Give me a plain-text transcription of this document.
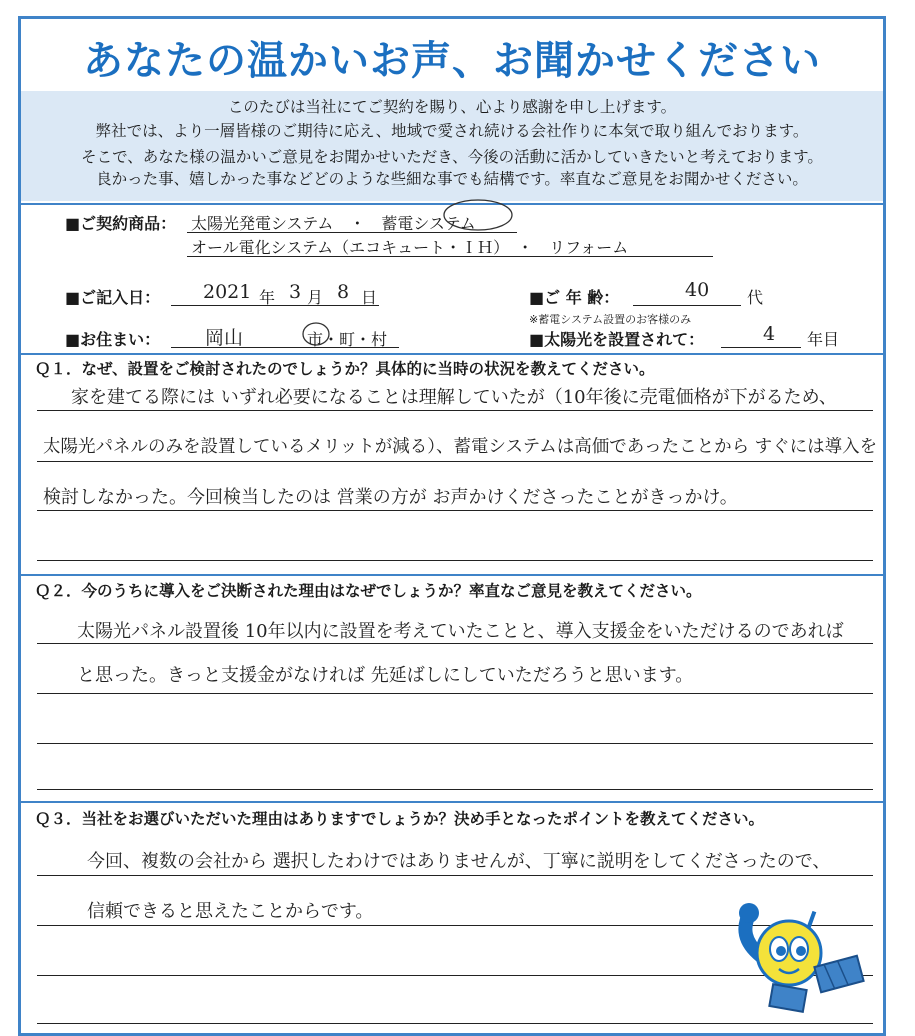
あなたの温かいお声、お聞かせください
このたびは当社にてご契約を賜り、心より感謝を申し上げます。
弊社では、より一層皆様のご期待に応え、地域で愛され続ける会社作りに本気で取り組んでおります。
そこで、あなた様の温かいご意見をお聞かせいただき、今後の活動に活かしていきたいと考えております。
良かった事、嬉しかった事などどのような些細な事でも結構です。率直なご意見をお聞かせください。
■ご契約商品： 太陽光発電システム　・　蓄電システム
オール電化システム（エコキュート・ＩＨ）　・　リフォーム
■ご記入日： 2021 年 3 月 8 日	■ご 年 齢：	40 代
※蓄電システム設置のお客様のみ
■お住まい： 岡山	市・町・村	■太陽光を設置されて：	4 年目
Ｑ１．なぜ、設置をご検討されたのでしょうか？具体的に当時の状況を教えてください。
家を建てる際には いずれ必要になることは理解していたが（10年後に売電価格が下がるため、
太陽光パネルのみを設置しているメリットが減る）、蓄電システムは高価であったことから すぐには導入を
検討しなかった。今回検当したのは 営業の方が お声かけくださったことがきっかけ。
Ｑ２．今のうちに導入をご決断された理由はなぜでしょうか？率直なご意見を教えてください。
太陽光パネル設置後 10年以内に設置を考えていたことと、導入支援金をいただけるのであれば
と思った。きっと支援金がなければ 先延ばしにしていただろうと思います。
Ｑ３．当社をお選びいただいた理由はありますでしょうか？決め手となったポイントを教えてください。
今回、複数の会社から 選択したわけではありませんが、丁寧に説明をしてくださったので、
信頼できると思えたことからです。
